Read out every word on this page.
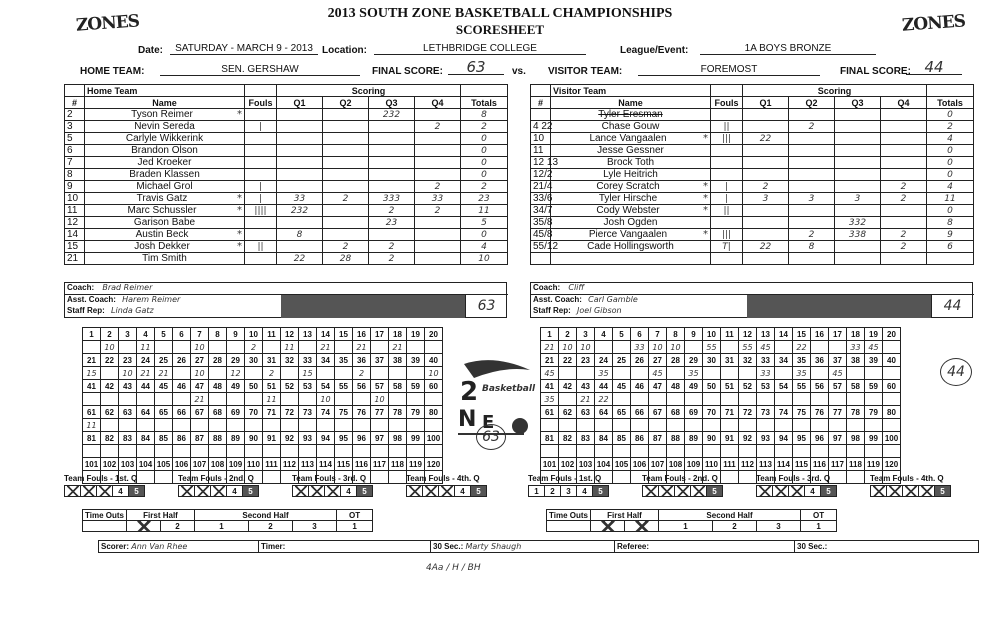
2013 SOUTH ZONE BASKETBALL CHAMPIONSHIPS
SCORESHEET
ZONES	ZONES
Date:	SATURDAY - MARCH 9 - 2013 Location:	LETHBRIDGE COLLEGE	League/Event:	1A BOYS BRONZE
HOME TEAM:	SEN. GERSHAW	FINAL SCORE:	63	vs. VISITOR TEAM:	FOREMOST	FINAL SCORE: 44
	Home Team		Scoring				
#	Name	Fouls	Q1	Q2	Q3	Q4	Totals
2	Tyson Reimer *				232		8
3	Nevin Sereda	|				2	2
5	Carlyle Wikkerink						0
6	Brandon Olson						0
7	Jed Kroeker						0
8	Braden Klassen						0
9	Michael Grol	|				2	2
10	Travis Gatz *	|	33	2	333	33	23
11	Marc Schussler *	||||	232		2	2	11
12	Garison Babe				23		5
14	Austin Beck *		8				0
15	Josh Dekker *	||		2	2		4
21	Tim Smith		22	28	2		10
Coach: Brad Reimer
Asst. Coach: Harem Reimer
Staff Rep: Linda Gatz	63
	Visitor Team		Scoring				
#	Name	Fouls	Q1	Q2	Q3	Q4	Totals
	Tyler Eresman						0
4 22	Chase Gouw	||		2			2
10	Lance Vangaalen *	|||	22				4
11	Jesse Gessner						0
12 13	Brock Toth						0
12/2	Lyle Heitrich						0
21/4	Corey Scratch *	|	2			2	4
33/6	Tyler Hirsche *	|	3	3	3	2	11
34/7	Cody Webster *	||					0
35/8	Josh Ogden				332		8
45/8	Pierce Vangaalen *	|||		2	338	2	9
55/12	Cade Hollingsworth	T|	22	8		2	6

Coach: Cliff
Asst. Coach: Carl Gamble
Staff Rep: Joel Gibson	44
1	2	3	4	5	6	7	8	9	10	11	12	13	14	15	16	17	18	19	20
	10		11			10			2		11		21		21		21		
21	22	23	24	25	26	27	28	29	30	31	32	33	34	35	36	37	38	39	40
15		10	21	21		10		12		2		15			2				10
41	42	43	44	45	46	47	48	49	50	51	52	53	54	55	56	57	58	59	60
						21				11			10			10			
61	62	63	64	65	66	67	68	69	70	71	72	73	74	75	76	77	78	79	80
11																			
81	82	83	84	85	86	87	88	89	90	91	92	93	94	95	96	97	98	99	100

101	102	103	104	105	106	107	108	109	110	111	112	113	114	115	116	117	118	119	120

1	2	3	4	5	6	7	8	9	10	11	12	13	14	15	16	17	18	19	20
21	10	10			33	10	10		55		55	45		22			33	45	
21	22	23	24	25	26	27	28	29	30	31	32	33	34	35	36	37	38	39	40
45			35			45		35				33		35		45			
41	42	43	44	45	46	47	48	49	50	51	52	53	54	55	56	57	58	59	60
35		21	22																
61	62	63	64	65	66	67	68	69	70	71	72	73	74	75	76	77	78	79	80

81	82	83	84	85	86	87	88	89	90	91	92	93	94	95	96	97	98	99	100

101	102	103	104	105	106	107	108	109	110	111	112	113	114	115	116	117	118	119	120

2
N E
Basketball
63
44
Team Fouls - 1st. Q
			4	5
Team Fouls - 2nd. Q
			4	5
Team Fouls - 3rd. Q
			4	5
Team Fouls - 4th. Q
			4	5
Team Fouls - 1st. Q
1	2	3	4	5
Team Fouls - 2nd. Q
				5
Team Fouls - 3rd. Q
			4	5
Team Fouls - 4th. Q
				5
Time Outs	First Half		Second Half			OT
		2	1	2	3	1
Time Outs	First Half		Second Half			OT
			1	2	3	1
Scorer: Ann Van Rhee	Timer:	30 Sec.: Marty Shaugh	Referee:	30 Sec.:
4Aa / H / BH
